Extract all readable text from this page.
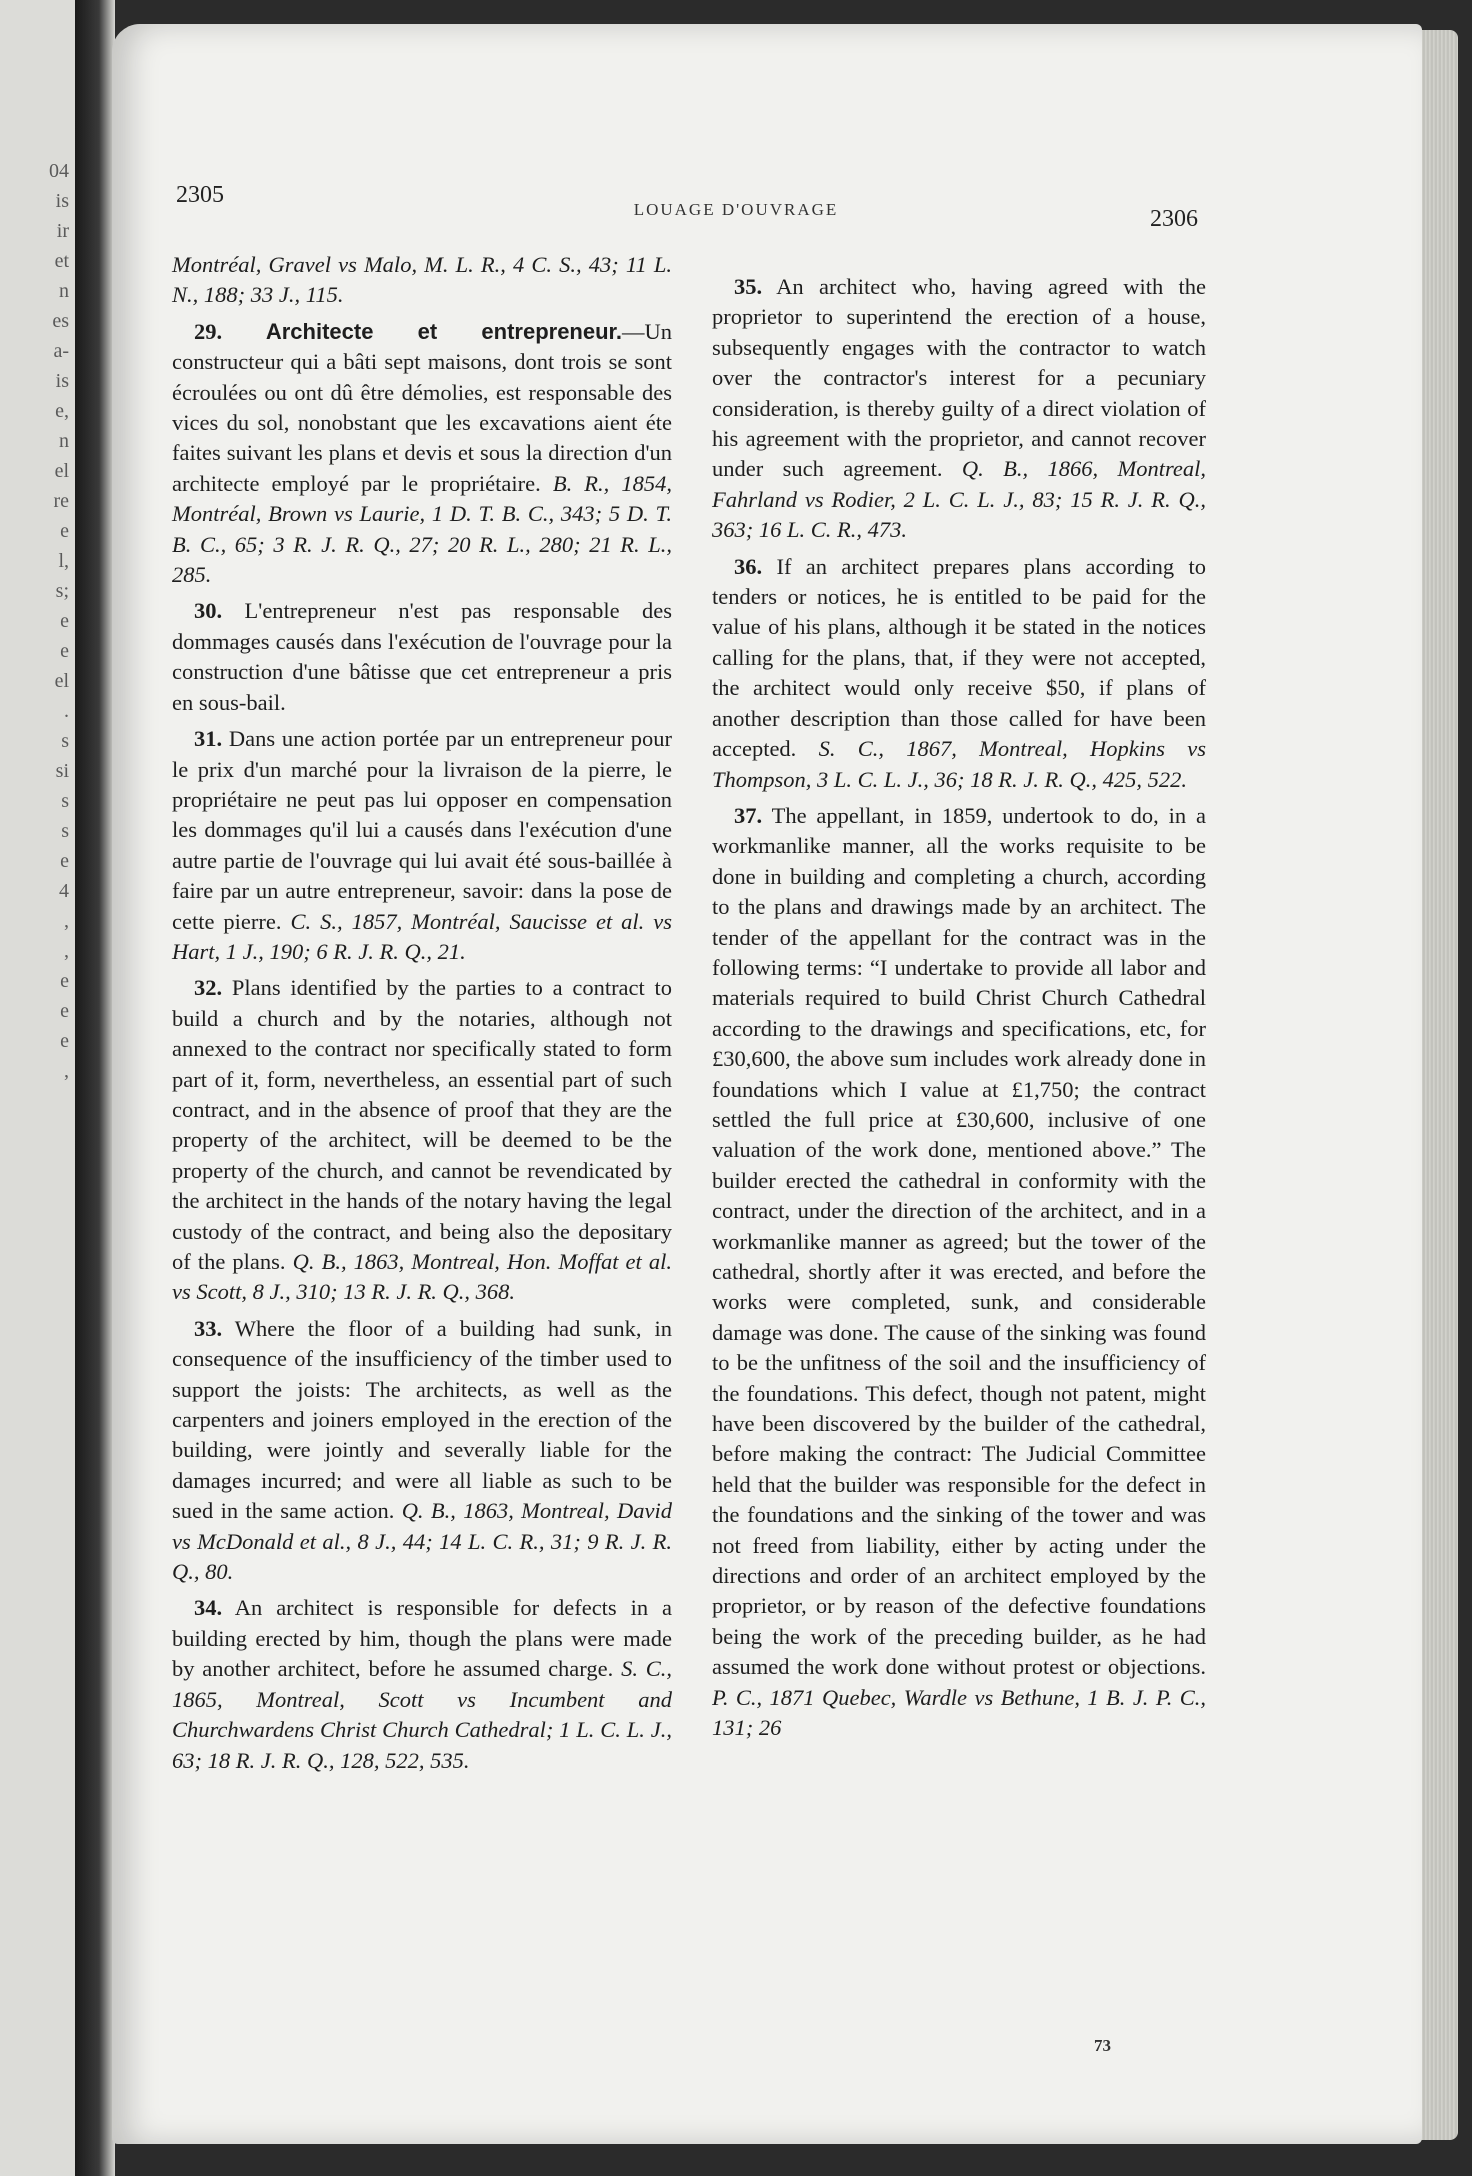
04
is
ir
et
n
es
a-
is
e,
n
el
re
e
l,
s;
e
e
el
.
s
si
s
s
e
4
,
,
e
e
e
,
2305
LOUAGE D'OUVRAGE	2306

Montréal, Gravel vs Malo, M. L. R., 4 C. S., 43; 11 L. N., 188; 33 J., 115.

29. Architecte et entrepreneur.—Un constructeur qui a bâti sept maisons, dont trois se sont écroulées ou ont dû être démolies, est responsable des vices du sol, nonobstant que les excavations aient éte faites suivant les plans et devis et sous la direction d'un architecte employé par le propriétaire. B. R., 1854, Montréal, Brown vs Laurie, 1 D. T. B. C., 343; 5 D. T. B. C., 65; 3 R. J. R. Q., 27; 20 R. L., 280; 21 R. L., 285.

30. L'entrepreneur n'est pas responsable des dommages causés dans l'exécution de l'ouvrage pour la construction d'une bâtisse que cet entrepreneur a pris en sous-bail.

31. Dans une action portée par un entrepreneur pour le prix d'un marché pour la livraison de la pierre, le propriétaire ne peut pas lui opposer en compensation les dommages qu'il lui a causés dans l'exécution d'une autre partie de l'ouvrage qui lui avait été sous-baillée à faire par un autre entrepreneur, savoir: dans la pose de cette pierre. C. S., 1857, Montréal, Saucisse et al. vs Hart, 1 J., 190; 6 R. J. R. Q., 21.

32. Plans identified by the parties to a contract to build a church and by the notaries, although not annexed to the contract nor specifically stated to form part of it, form, nevertheless, an essential part of such contract, and in the absence of proof that they are the property of the architect, will be deemed to be the property of the church, and cannot be revendicated by the architect in the hands of the notary having the legal custody of the contract, and being also the depositary of the plans. Q. B., 1863, Montreal, Hon. Moffat et al. vs Scott, 8 J., 310; 13 R. J. R. Q., 368.

33. Where the floor of a building had sunk, in consequence of the insufficiency of the timber used to support the joists: The architects, as well as the carpenters and joiners employed in the erection of the building, were jointly and severally liable for the damages incurred; and were all liable as such to be sued in the same action. Q. B., 1863, Montreal, David vs McDonald et al., 8 J., 44; 14 L. C. R., 31; 9 R. J. R. Q., 80.

34. An architect is responsible for defects in a building erected by him, though the plans were made by another architect, before he assumed charge. S. C., 1865, Montreal, Scott vs Incumbent and Churchwardens Christ Church Cathedral; 1 L. C. L. J., 63; 18 R. J. R. Q., 128, 522, 535.

35. An architect who, having agreed with the proprietor to superintend the erection of a house, subsequently engages with the contractor to watch over the contractor's interest for a pecuniary consideration, is thereby guilty of a direct violation of his agreement with the proprietor, and cannot recover under such agreement. Q. B., 1866, Montreal, Fahrland vs Rodier, 2 L. C. L. J., 83; 15 R. J. R. Q., 363; 16 L. C. R., 473.

36. If an architect prepares plans according to tenders or notices, he is entitled to be paid for the value of his plans, although it be stated in the notices calling for the plans, that, if they were not accepted, the architect would only receive $50, if plans of another description than those called for have been accepted. S. C., 1867, Montreal, Hopkins vs Thompson, 3 L. C. L. J., 36; 18 R. J. R. Q., 425, 522.

37. The appellant, in 1859, undertook to do, in a workmanlike manner, all the works requisite to be done in building and completing a church, according to the plans and drawings made by an architect. The tender of the appellant for the contract was in the following terms: “I undertake to provide all labor and materials required to build Christ Church Cathedral according to the drawings and specifications, etc, for £30,600, the above sum includes work already done in foundations which I value at £1,750; the contract settled the full price at £30,600, inclusive of one valuation of the work done, mentioned above.” The builder erected the cathedral in conformity with the contract, under the direction of the architect, and in a workmanlike manner as agreed; but the tower of the cathedral, shortly after it was erected, and before the works were completed, sunk, and considerable damage was done. The cause of the sinking was found to be the unfitness of the soil and the insufficiency of the foundations. This defect, though not patent, might have been discovered by the builder of the cathedral, before making the contract: The Judicial Committee held that the builder was responsible for the defect in the foundations and the sinking of the tower and was not freed from liability, either by acting under the directions and order of an architect employed by the proprietor, or by reason of the defective foundations being the work of the preceding builder, as he had assumed the work done without protest or objections. P. C., 1871 Quebec, Wardle vs Bethune, 1 B. J. P. C., 131; 26

73
